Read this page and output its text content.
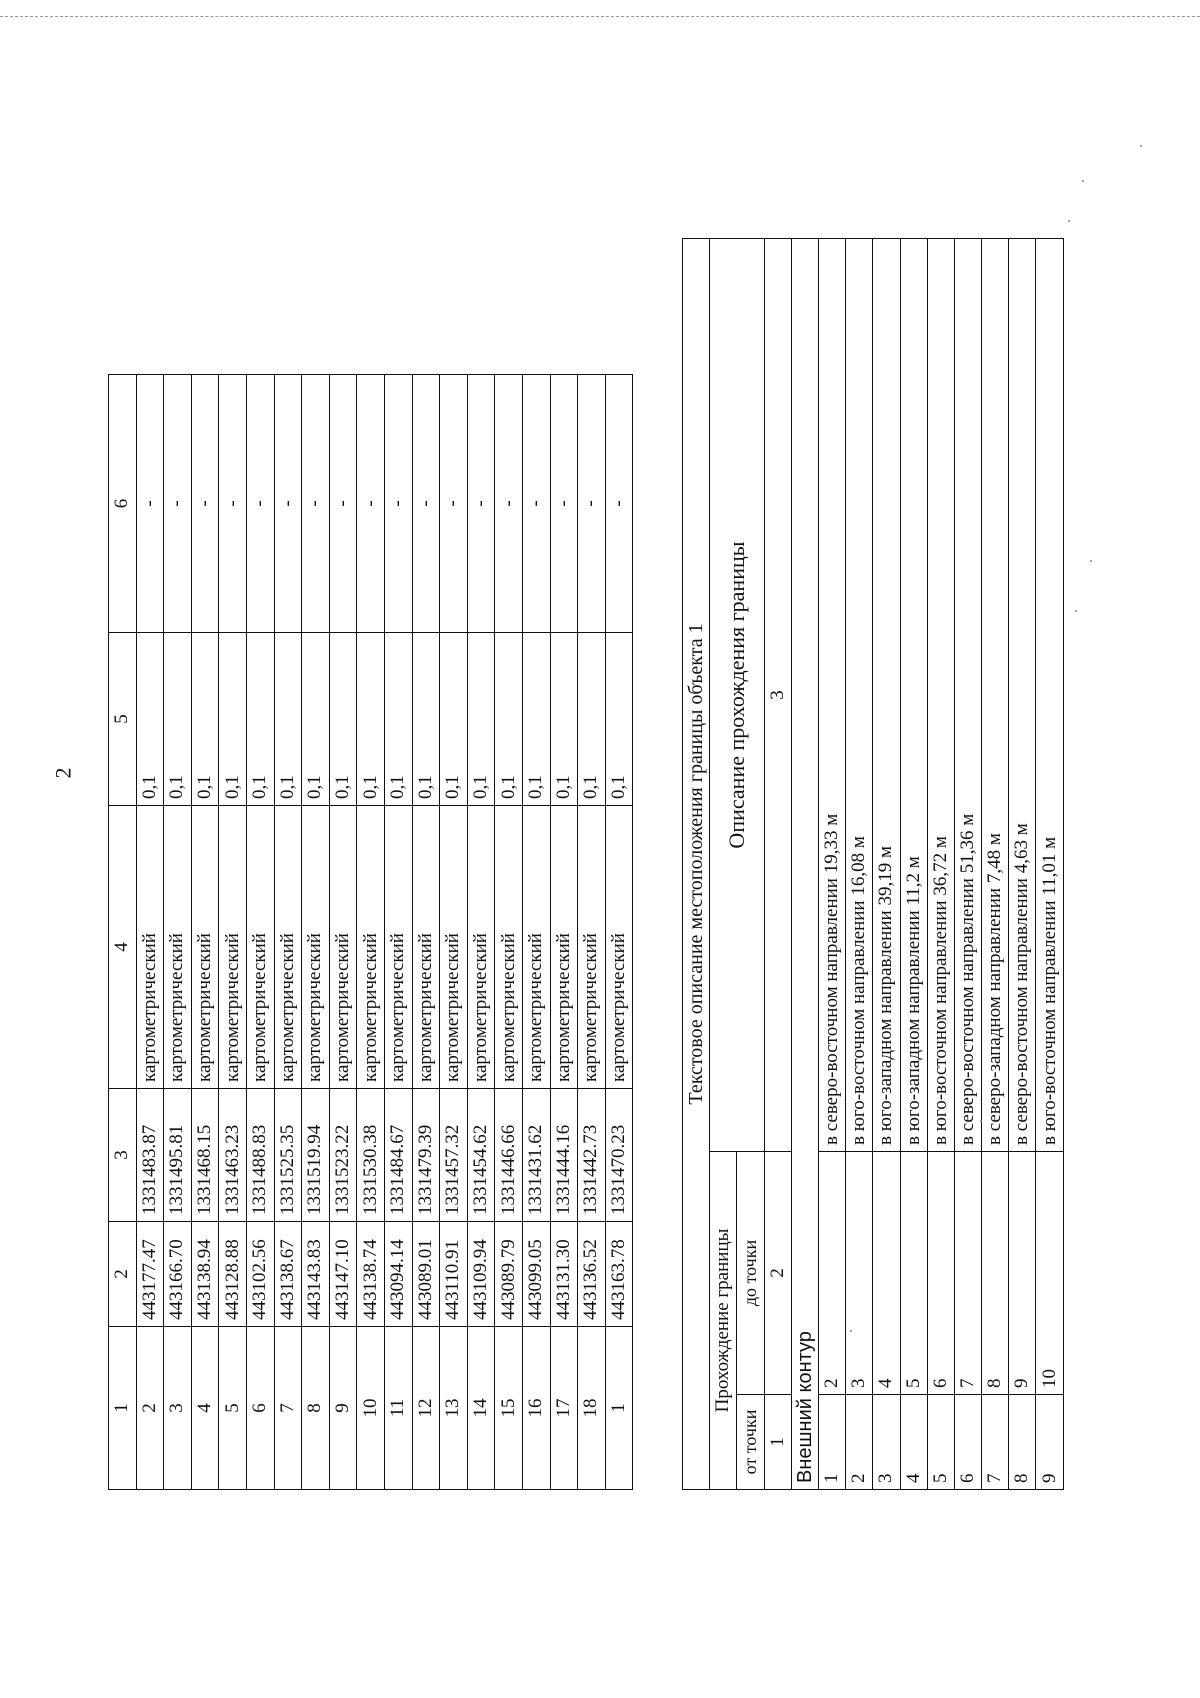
2
1	2	3	4	5	6
2	443177.47	1331483.87	картометрический	0,1	-
3	443166.70	1331495.81	картометрический	0,1	-
4	443138.94	1331468.15	картометрический	0,1	-
5	443128.88	1331463.23	картометрический	0,1	-
6	443102.56	1331488.83	картометрический	0,1	-
7	443138.67	1331525.35	картометрический	0,1	-
8	443143.83	1331519.94	картометрический	0,1	-
9	443147.10	1331523.22	картометрический	0,1	-
10	443138.74	1331530.38	картометрический	0,1	-
11	443094.14	1331484.67	картометрический	0,1	-
12	443089.01	1331479.39	картометрический	0,1	-
13	443110.91	1331457.32	картометрический	0,1	-
14	443109.94	1331454.62	картометрический	0,1	-
15	443089.79	1331446.66	картометрический	0,1	-
16	443099.05	1331431.62	картометрический	0,1	-
17	443131.30	1331444.16	картометрический	0,1	-
18	443136.52	1331442.73	картометрический	0,1	-
1	443163.78	1331470.23	картометрический	0,1	-
Текстовое описание местоположения границы объекта 1		
Прохождение границы		Описание прохождения границы
от точки	до точки	
1	2	3
Внешний контур		
1	2	в северо-восточном направлении 19,33 м
2	3	в юго-восточном направлении 16,08 м
3	4	в юго-западном направлении 39,19 м
4	5	в юго-западном направлении 11,2 м
5	6	в юго-восточном направлении 36,72 м
6	7	в северо-восточном направлении 51,36 м
7	8	в северо-западном направлении 7,48 м
8	9	в северо-восточном направлении 4,63 м
9	10	в юго-восточном направлении 11,01 м
